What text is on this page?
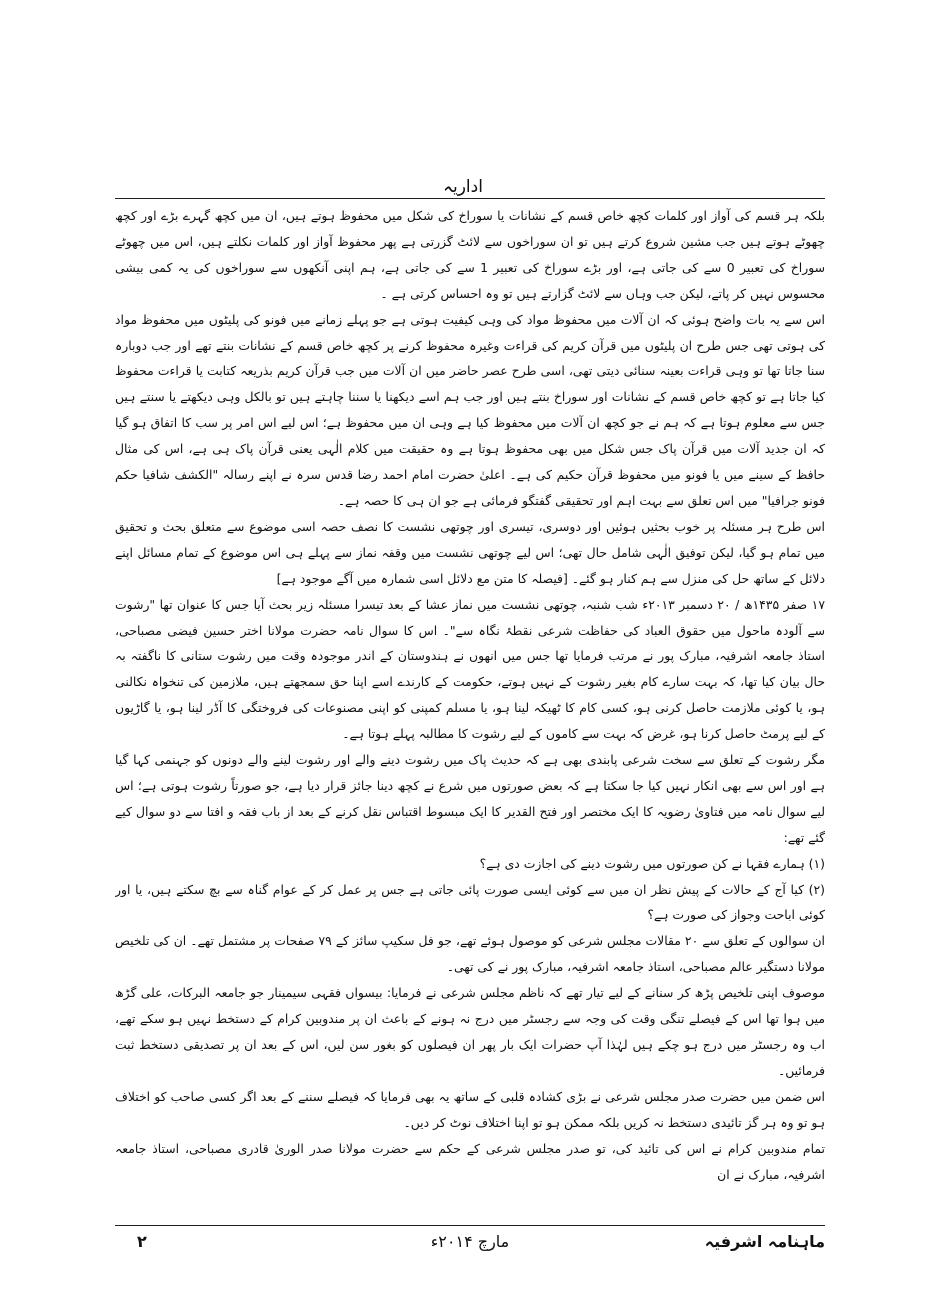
اداریہ

بلکہ ہر قسم کی آواز اور کلمات کچھ خاص قسم کے نشانات یا سوراخ کی شکل میں محفوظ ہوتے ہیں، ان میں کچھ گہرے بڑے اور کچھ چھوٹے ہوتے ہیں جب مشین شروع کرتے ہیں تو ان سوراخوں سے لائٹ گزرتی ہے پھر محفوظ آواز اور کلمات نکلتے ہیں، اس میں چھوٹے سوراخ کی تعبیر 0 سے کی جاتی ہے، اور بڑے سوراخ کی تعبیر 1 سے کی جاتی ہے، ہم اپنی آنکھوں سے سوراخوں کی یہ کمی بیشی محسوس نہیں کر پاتے، لیکن جب وہاں سے لائٹ گزارتے ہیں تو وہ احساس کرتی ہے ۔

اس سے یہ بات واضح ہوئی کہ ان آلات میں محفوظ مواد کی وہی کیفیت ہوتی ہے جو پہلے زمانے میں فونو کی پلیٹوں میں محفوظ مواد کی ہوتی تھی جس طرح ان پلیٹوں میں قرآن کریم کی قراءت وغیرہ محفوظ کرنے پر کچھ خاص قسم کے نشانات بنتے تھے اور جب دوبارہ سنا جاتا تھا تو وہی قراءت بعینہ سنائی دیتی تھی، اسی طرح عصر حاضر میں ان آلات میں جب قرآن کریم بذریعہ کتابت یا قراءت محفوظ کیا جاتا ہے تو کچھ خاص قسم کے نشانات اور سوراخ بنتے ہیں اور جب ہم اسے دیکھنا یا سننا چاہتے ہیں تو بالکل وہی دیکھتے یا سنتے ہیں جس سے معلوم ہوتا ہے کہ ہم نے جو کچھ ان آلات میں محفوظ کیا ہے وہی ان میں محفوظ ہے؛ اس لیے اس امر پر سب کا اتفاق ہو گیا کہ ان جدید آلات میں قرآن پاک جس شکل میں بھی محفوظ ہوتا ہے وہ حقیقت میں کلام الٰہی یعنی قرآن پاک ہی ہے، اس کی مثال حافظ کے سینے میں یا فونو میں محفوظ قرآن حکیم کی ہے۔ اعلیٰ حضرت امام احمد رضا قدس سرہ نے اپنے رسالہ "الکشف شافیا حکم فونو جرافیا" میں اس تعلق سے بہت اہم اور تحقیقی گفتگو فرمائی ہے جو ان ہی کا حصہ ہے۔

اس طرح ہر مسئلہ پر خوب بحثیں ہوئیں اور دوسری، تیسری اور چوتھی نشست کا نصف حصہ اسی موضوع سے متعلق بحث و تحقیق میں تمام ہو گیا، لیکن توفیق الٰہی شامل حال تھی؛ اس لیے چوتھی نشست میں وقفہ نماز سے پہلے ہی اس موضوع کے تمام مسائل اپنے دلائل کے ساتھ حل کی منزل سے ہم کنار ہو گئے۔ [فیصلہ کا متن مع دلائل اسی شمارہ میں آگے موجود ہے]

۱۷ صفر ۱۴۳۵ھ / ۲۰ دسمبر ۲۰۱۳ء شب شنبہ، چوتھی نشست میں نماز عشا کے بعد تیسرا مسئلہ زیر بحث آیا جس کا عنوان تھا "رشوت سے آلودہ ماحول میں حقوق العباد کی حفاظت شرعی نقطۂ نگاہ سے"۔ اس کا سوال نامہ حضرت مولانا اختر حسین فیضی مصباحی، استاذ جامعہ اشرفیہ، مبارک پور نے مرتب فرمایا تھا جس میں انھوں نے ہندوستان کے اندر موجودہ وقت میں رشوت ستانی کا ناگفتہ بہ حال بیان کیا تھا، کہ بہت سارے کام بغیر رشوت کے نہیں ہوتے، حکومت کے کارندے اسے اپنا حق سمجھتے ہیں، ملازمین کی تنخواہ نکالنی ہو، یا کوئی ملازمت حاصل کرنی ہو، کسی کام کا ٹھیکہ لینا ہو، یا مسلم کمپنی کو اپنی مصنوعات کی فروختگی کا آڈر لینا ہو، یا گاڑیوں کے لیے پرمٹ حاصل کرنا ہو، غرض کہ بہت سے کاموں کے لیے رشوت کا مطالبہ پہلے ہوتا ہے۔

مگر رشوت کے تعلق سے سخت شرعی پابندی بھی ہے کہ حدیث پاک میں رشوت دینے والے اور رشوت لینے والے دونوں کو جہنمی کہا گیا ہے اور اس سے بھی انکار نہیں کیا جا سکتا ہے کہ بعض صورتوں میں شرع نے کچھ دینا جائز قرار دیا ہے، جو صورتاً رشوت ہوتی ہے؛ اس لیے سوال نامہ میں فتاویٰ رضویہ کا ایک مختصر اور فتح القدیر کا ایک مبسوط اقتباس نقل کرنے کے بعد از باب فقہ و افتا سے دو سوال کیے گئے تھے:

(۱) ہمارے فقہا نے کن صورتوں میں رشوت دینے کی اجازت دی ہے؟

(۲) کیا آج کے حالات کے پیش نظر ان میں سے کوئی ایسی صورت پائی جاتی ہے جس پر عمل کر کے عوام گناہ سے بچ سکتے ہیں، یا اور کوئی اباحت وجواز کی صورت ہے؟

ان سوالوں کے تعلق سے ۲۰ مقالات مجلس شرعی کو موصول ہوئے تھے، جو فل سکیپ سائز کے ۷۹ صفحات پر مشتمل تھے۔ ان کی تلخیص مولانا دستگیر عالم مصباحی، استاذ جامعہ اشرفیہ، مبارک پور نے کی تھی۔

موصوف اپنی تلخیص پڑھ کر سنانے کے لیے تیار تھے کہ ناظم مجلس شرعی نے فرمایا: بیسواں فقہی سیمینار جو جامعہ البرکات، علی گڑھ میں ہوا تھا اس کے فیصلے تنگی وقت کی وجہ سے رجسٹر میں درج نہ ہونے کے باعث ان پر مندوبین کرام کے دستخط نہیں ہو سکے تھے، اب وہ رجسٹر میں درج ہو چکے ہیں لہٰذا آپ حضرات ایک بار پھر ان فیصلوں کو بغور سن لیں، اس کے بعد ان پر تصدیقی دستخط ثبت فرمائیں۔

اس ضمن میں حضرت صدر مجلس شرعی نے بڑی کشادہ قلبی کے ساتھ یہ بھی فرمایا کہ فیصلے سننے کے بعد اگر کسی صاحب کو اختلاف ہو تو وہ ہر گز تائیدی دستخط نہ کریں بلکہ ممکن ہو تو اپنا اختلاف نوٹ کر دیں۔

تمام مندوبین کرام نے اس کی تائید کی، تو صدر مجلس شرعی کے حکم سے حضرت مولانا صدر الوریٰ قادری مصباحی، استاذ جامعہ اشرفیہ، مبارک نے ان

ماہنامہ اشرفیہ
مارچ ۲۰۱۴ء
۲
